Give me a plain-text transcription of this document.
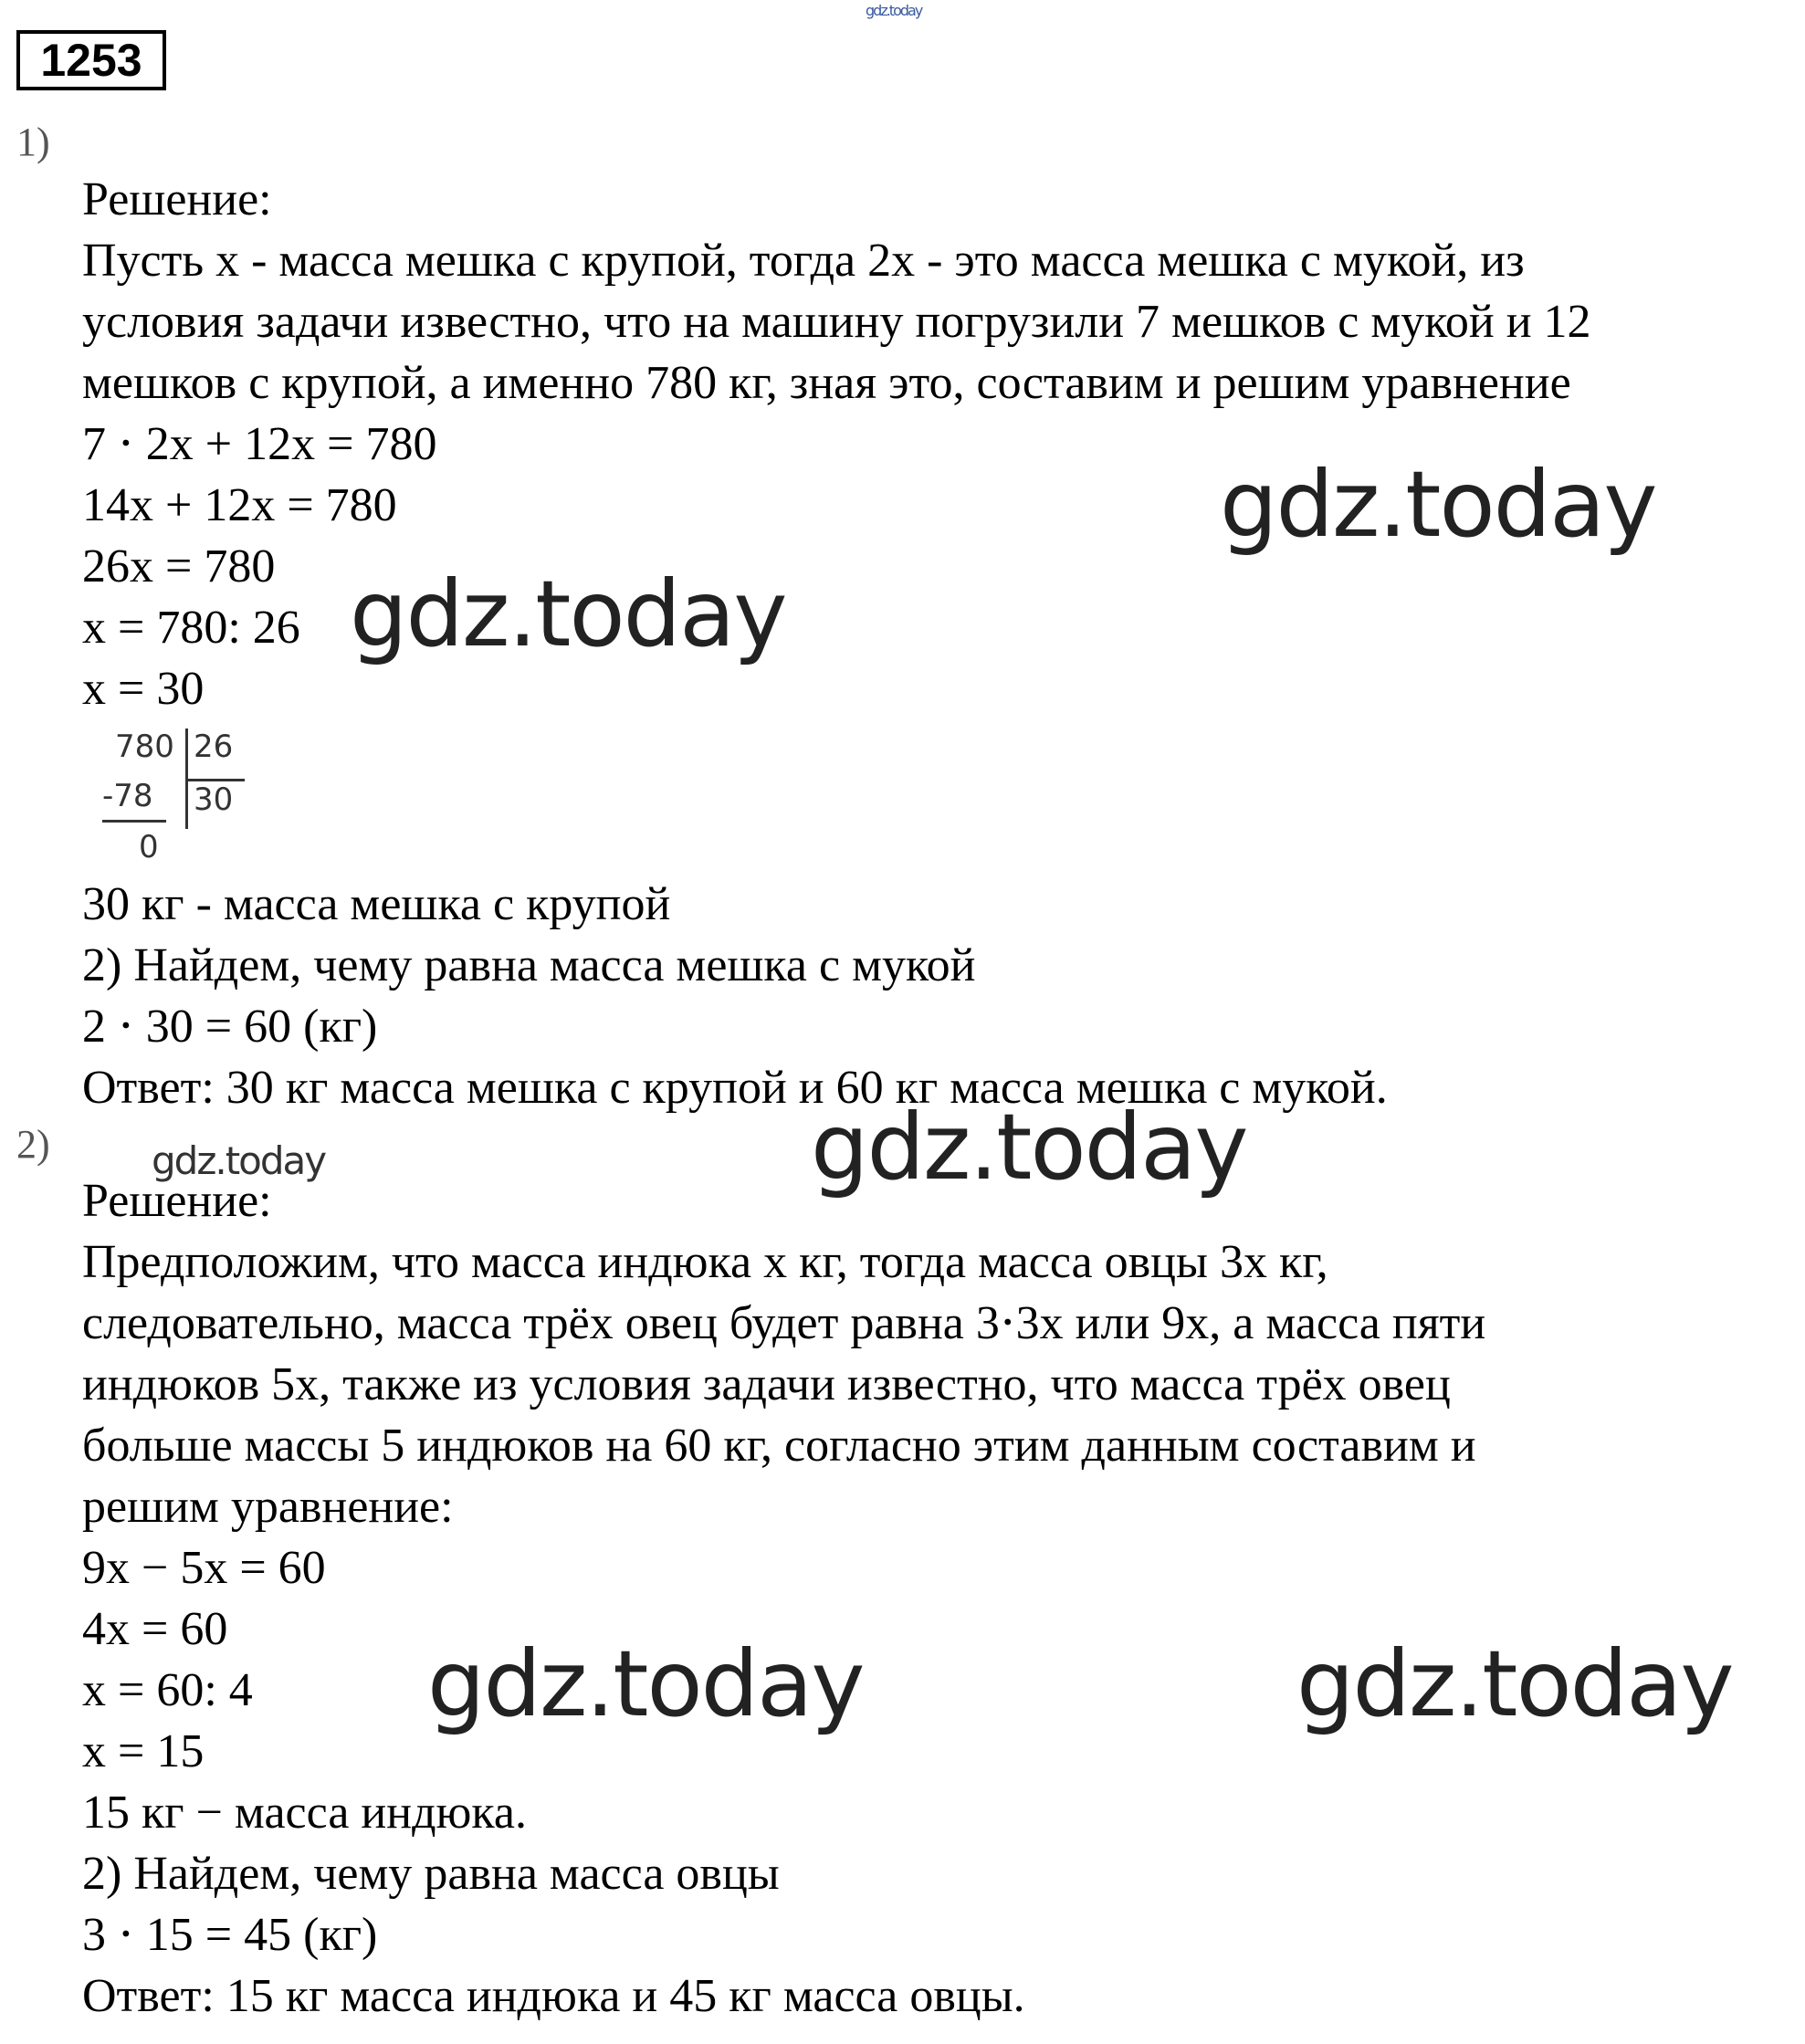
gdz.today
1253
1)
Решение:
Пусть x - масса мешка с крупой, тогда 2x - это масса мешка с мукой, из
условия задачи известно, что на машину погрузили 7 мешков с мукой и 12
мешков с крупой, а именно 780 кг, зная это, составим и решим уравнение
7 ⋅ 2x + 12x = 780
14x + 12x = 780
26x = 780
x = 780: 26
x = 30
780 26
-78 30
0
30 кг - масса мешка с крупой
2) Найдем, чему равна масса мешка с мукой
2 ⋅ 30 = 60 (кг)
Ответ: 30 кг масса мешка с крупой и 60 кг масса мешка с мукой.
2)
Решение:
Предположим, что масса индюка x кг, тогда масса овцы 3x кг,
следовательно, масса трёх овец будет равна 3⋅3x или 9x, а масса пяти
индюков 5x, также из условия задачи известно, что масса трёх овец
больше массы 5 индюков на 60 кг, согласно этим данным составим и
решим уравнение:
9x − 5x = 60
4x = 60
x = 60: 4
x = 15
15 кг − масса индюка.
2) Найдем, чему равна масса овцы
3 ⋅ 15 = 45 (кг)
Ответ: 15 кг масса индюка и 45 кг масса овцы.
gdz.today
gdz.today
gdz.today
gdz.today
gdz.today	gdz.today
